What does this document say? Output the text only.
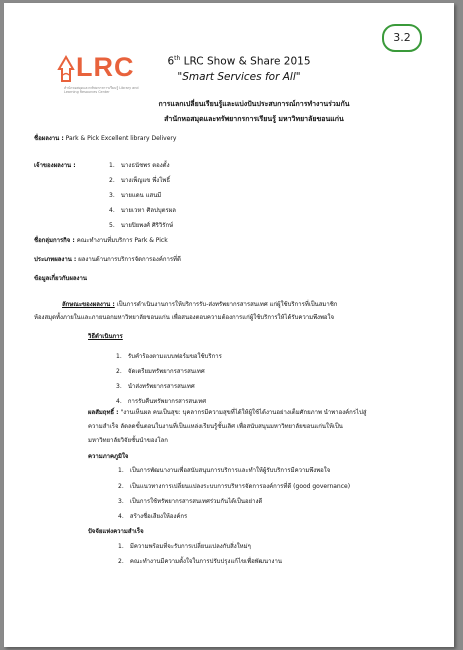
3.2
LRC
สำนักหอสมุดและทรัพยากรการเรียนรู้ Library and Learning Resources Center
6th LRC Show & Share 2015
"Smart Services for All"
การแลกเปลี่ยนเรียนรู้และแบ่งปันประสบการณ์การทำงานร่วมกัน
สำนักหอสมุดและทรัพยากรการเรียนรู้ มหาวิทยาลัยขอนแก่น
ชื่อผลงาน : Park & Pick Excellent library Delivery
เจ้าของผลงาน :	1. นางธนัชพร ตองตั้ง
2. นางเพ็ญแข พึ่งโพธิ์
3. นายแดน แสนมี
4. นายเวหา ศิลปบุตรผล
5. นายปิยพงศ์ ศิริวิรักษ์
ชื่อกลุ่มการกิจ : คณะทำงานที่มบริการ Park & Pick
ประเภทผลงาน : ผลงานด้านการบริการจัดการองค์การที่ดี
ข้อมูลเกี่ยวกับผลงาน
ลักษณะของผลงาน : เป็นการดำเนินงานการให้บริการรับ-ส่งทรัพยากรสารสนเทศ แก่ผู้ใช้บริการที่เป็นสมาชิก
ห้องสมุดทั้งภายในและภายนอกมหาวิทยาลัยขอนแก่น เพื่อสนองตอบความต้องการแก่ผู้ใช้บริการให้ได้รับความพึงพอใจ
วิธีดำเนินการ
1. รับคำร้องตามแบบฟอร์มขอใช้บริการ
2. จัดเตรียมทรัพยากรสารสนเทศ
3. นำส่งทรัพยากรสารสนเทศ
4. การรับคืนทรัพยากรสารสนเทศ
ผลสัมฤทธิ์ : "งานเห็นผล คนเป็นสุข: บุคลากรมีความสุขที่ได้ให้ผู้ใช้ได้งานอย่างเต็มศักยภาพ นำพาองค์กรไปสู่
ความสำเร็จ ลัดลดขั้นตอนในงานที่เป็นแหล่งเรียนรู้ชั้นเลิศ เพื่อสนับสนุนมหาวิทยาลัยขอนแก่นให้เป็น
มหาวิทยาลัยวิจัยชั้นนำของโลก
ความภาคภูมิใจ
1. เป็นการพัฒนางานเพื่อสนับสนุนการบริการและทำให้ผู้รับบริการมีความพึงพอใจ
2. เป็นแนวทางการเปลี่ยนแปลงระบบการบริหารจัดการองค์การที่ดี (good governance)
3. เป็นการใช้ทรัพยากรสารสนเทศร่วมกันได้เป็นอย่างดี
4. สร้างชื่อเสียงให้องค์กร
ปัจจัยแห่งความสำเร็จ
1. มีความพร้อมที่จะรับการเปลี่ยนแปลงกับสิ่งใหม่ๆ
2. คณะทำงานมีความตั้งใจในการปรับปรุงแก้ไขเพื่อพัฒนางาน
